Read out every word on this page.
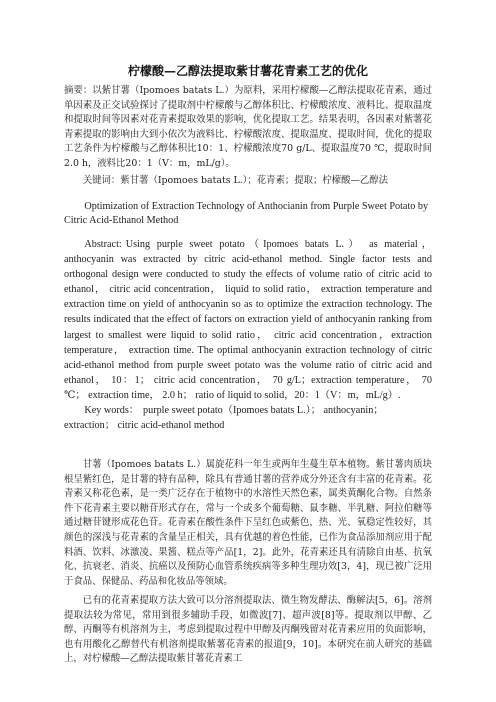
柠檬酸—乙醇法提取紫甘薯花青素工艺的优化

摘要：以紫甘薯（Ipomoes batats L.）为原料，采用柠檬酸—乙醇法提取花青素，通过单因素及正交试验探讨了提取剂中柠檬酸与乙醇体积比、柠檬酸浓度、液料比、提取温度和提取时间等因素对花青素提取效果的影响，优化提取工艺。结果表明，各因素对紫薯花青素提取的影响由大到小依次为液料比、柠檬酸浓度、提取温度、提取时间，优化的提取工艺条件为柠檬酸与乙醇体积比10：1、柠檬酸浓度70 g/L、提取温度70 ℃，提取时间2.0 h，液料比20：1（V：m，mL/g）。

关键词：紫甘薯（Ipomoes batats L.）；花青素；提取；柠檬酸—乙醇法

Optimization of Extraction Technology of Anthocianin from Purple Sweet Potato by Citric Acid-Ethanol Method

Abstract: Using purple sweet potato（Ipomoes batats L.） as material，anthocyanin was extracted by citric acid-ethanol method. Single factor tests and orthogonal design were conducted to study the effects of volume ratio of citric acid to ethanol， citric acid concentration， liquid to solid ratio， extraction temperature and extraction time on yield of anthocyanin so as to optimize the extraction technology. The results indicated that the effect of factors on extraction yield of anthocyanin ranking from largest to smallest were liquid to solid ratio， citric acid concentration，extraction temperature， extraction time. The optimal anthocyanin extraction technology of citric acid-ethanol method from purple sweet potato was the volume ratio of citric acid and ethanol， 10：1； citric acid concentration， 70 g/L；extraction temperature， 70 ℃； extraction time， 2.0 h； ratio of liquid to solid，20：1（V：m，mL/g）.

Key words： purple sweet potato（Ipomoes batats L.）； anthocyanin；extraction； citric acid-ethanol method

甘薯（Ipomoes batats L.）属旋花科一年生或两年生蔓生草本植物。紫甘薯肉质块根呈紫红色，是甘薯的特有品种，除具有普通甘薯的营养成分外还含有丰富的花青素。花青素又称花色素，是一类广泛存在于植物中的水溶性天然色素，属类黄酮化合物。自然条件下花青素主要以糖苷形式存在，常与一个或多个葡萄糖、鼠李糖、半乳糖、阿拉伯糖等通过糖苷键形成花色苷。花青素在酸性条件下呈红色或紫色，热、光、氧稳定性较好，其颜色的深浅与花青素的含量呈正相关，具有优越的着色性能，已作为食品添加剂应用于配料酒、饮料、冰激凌、果酱、糕点等产品[1，2]。此外，花青素还具有清除自由基、抗氧化、抗衰老、消炎、抗癌以及预防心血管系统疾病等多种生理功效[3，4]，现已被广泛用于食品、保健品、药品和化妆品等领域。

已有的花青素提取方法大致可以分溶剂提取法、微生物发酵法、酶解法[5，6]。溶剂提取法较为常见，常用到很多辅助手段，如微波[7]、超声波[8]等。提取剂以甲醇、乙醇、丙酮等有机溶剂为主，考虑到提取过程中甲醇及丙酮残留对花青素应用的负面影响，也有用酸化乙醇替代有机溶剂提取紫薯花青素的报道[9，10]。本研究在前人研究的基础上，对柠檬酸—乙醇法提取紫甘薯花青素工
